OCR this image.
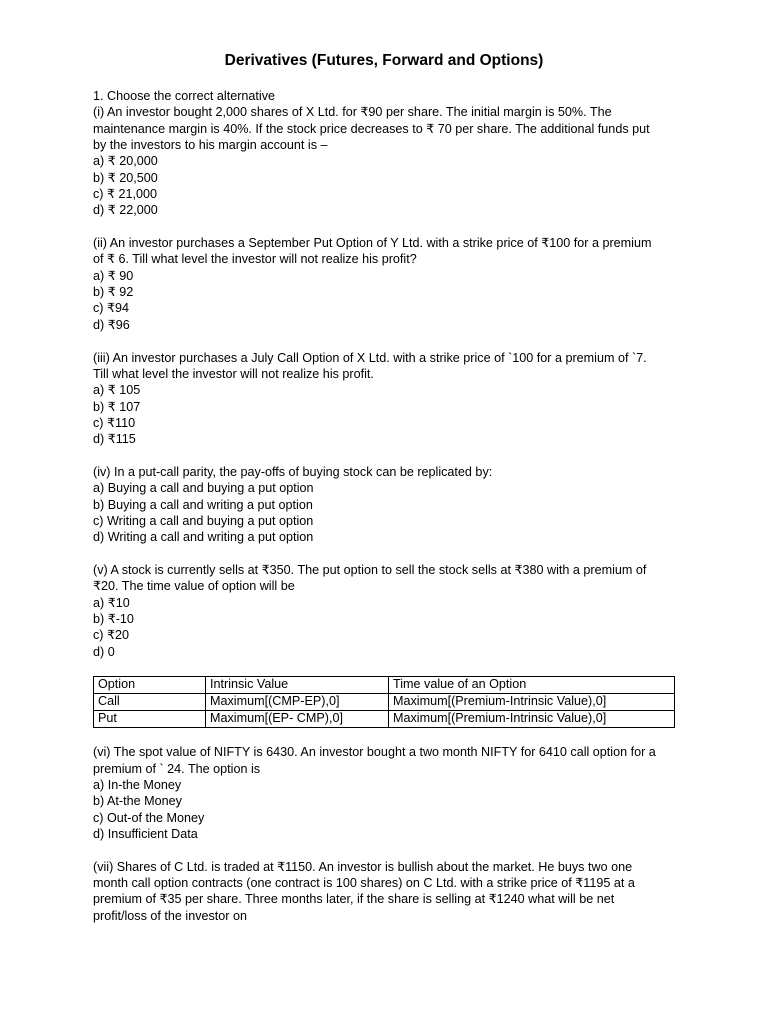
Derivatives (Futures, Forward and Options)
1. Choose the correct alternative
(i) An investor bought 2,000 shares of X Ltd. for ₹90 per share. The initial margin is 50%. The
maintenance margin is 40%. If the stock price decreases to ₹ 70 per share. The additional funds put
by the investors to his margin account is –
a) ₹ 20,000
b) ₹ 20,500
c) ₹ 21,000
d) ₹ 22,000
(ii) An investor purchases a September Put Option of Y Ltd. with a strike price of ₹100 for a premium
of ₹ 6. Till what level the investor will not realize his profit?
a) ₹ 90
b) ₹ 92
c) ₹94
d) ₹96
(iii) An investor purchases a July Call Option of X Ltd. with a strike price of `100 for a premium of `7.
Till what level the investor will not realize his profit.
a) ₹ 105
b) ₹ 107
c) ₹110
d) ₹115
(iv) In a put-call parity, the pay-offs of buying stock can be replicated by:
a) Buying a call and buying a put option
b) Buying a call and writing a put option
c) Writing a call and buying a put option
d) Writing a call and writing a put option
(v) A stock is currently sells at ₹350. The put option to sell the stock sells at ₹380 with a premium of
₹20. The time value of option will be
a) ₹10
b) ₹-10
c) ₹20
d) 0
Option	Intrinsic Value	Time value of an Option
Call	Maximum[(CMP-EP),0]	Maximum[(Premium-Intrinsic Value),0]
Put	Maximum[(EP- CMP),0]	Maximum[(Premium-Intrinsic Value),0]
(vi) The spot value of NIFTY is 6430. An investor bought a two month NIFTY for 6410 call option for a
premium of ` 24. The option is
a) In-the Money
b) At-the Money
c) Out-of the Money
d) Insufficient Data
(vii) Shares of C Ltd. is traded at ₹1150. An investor is bullish about the market. He buys two one
month call option contracts (one contract is 100 shares) on C Ltd. with a strike price of ₹1195 at a
premium of ₹35 per share. Three months later, if the share is selling at ₹1240 what will be net
profit/loss of the investor on
